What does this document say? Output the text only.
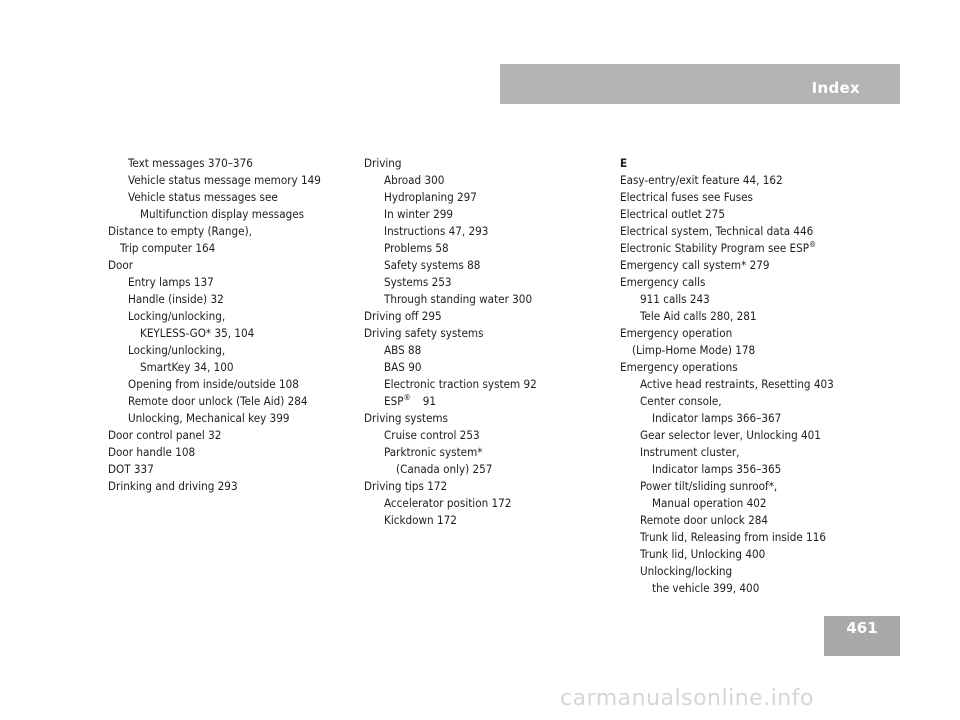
Index
Text messages 370–376
Vehicle status message memory 149
Vehicle status messages see
Multifunction display messages
Distance to empty (Range),
Trip computer 164
Door
Entry lamps 137
Handle (inside) 32
Locking/unlocking,
KEYLESS-GO* 35, 104
Locking/unlocking,
SmartKey 34, 100
Opening from inside/outside 108
Remote door unlock (Tele Aid) 284
Unlocking, Mechanical key 399
Door control panel 32
Door handle 108
DOT 337
Drinking and driving 293
Driving
Abroad 300
Hydroplaning 297
In winter 299
Instructions 47, 293
Problems 58
Safety systems 88
Systems 253
Through standing water 300
Driving off 295
Driving safety systems
ABS 88
BAS 90
Electronic traction system 92
ESP® 91
Driving systems
Cruise control 253
Parktronic system*
(Canada only) 257
Driving tips 172
Accelerator position 172
Kickdown 172
E
Easy-entry/exit feature 44, 162
Electrical fuses see Fuses
Electrical outlet 275
Electrical system, Technical data 446
Electronic Stability Program see ESP®
Emergency call system* 279
Emergency calls
911 calls 243
Tele Aid calls 280, 281
Emergency operation
(Limp-Home Mode) 178
Emergency operations
Active head restraints, Resetting 403
Center console,
Indicator lamps 366–367
Gear selector lever, Unlocking 401
Instrument cluster,
Indicator lamps 356–365
Power tilt/sliding sunroof*,
Manual operation 402
Remote door unlock 284
Trunk lid, Releasing from inside 116
Trunk lid, Unlocking 400
Unlocking/locking
the vehicle 399, 400
461
carmanualsonline.info
